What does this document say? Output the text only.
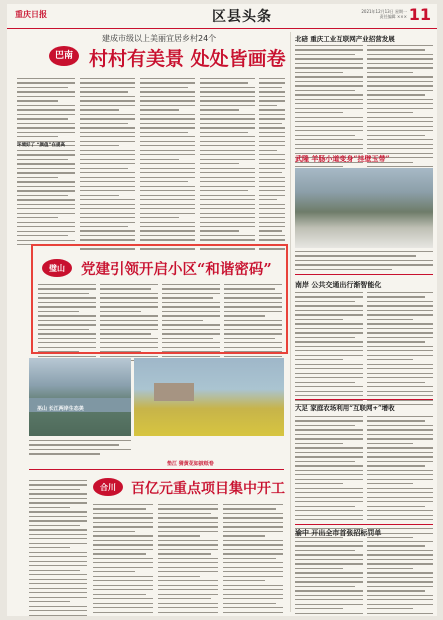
重庆日报	区县头条	2021年12月13日 星期一
责任编辑 ××× 11
建成市级以上美丽宜居乡村24个
巴南 村村有美景 处处皆画卷
环境好了 “颜值”在提高
璧山	党建引领开启小区“和谐密码”
巫山 长江两岸生态美
垫江 猜黄花如披纸卷
合川	百亿元重点项目集中开工
北碚 重庆工业互联网产业招营发展
武隆 羊肠小道变身“挂壁玉带”
南岸 公共交通出行渐智能化
大足 家庭农场利用“互联网+”增收
渝中 开出全市首张招标罚单
